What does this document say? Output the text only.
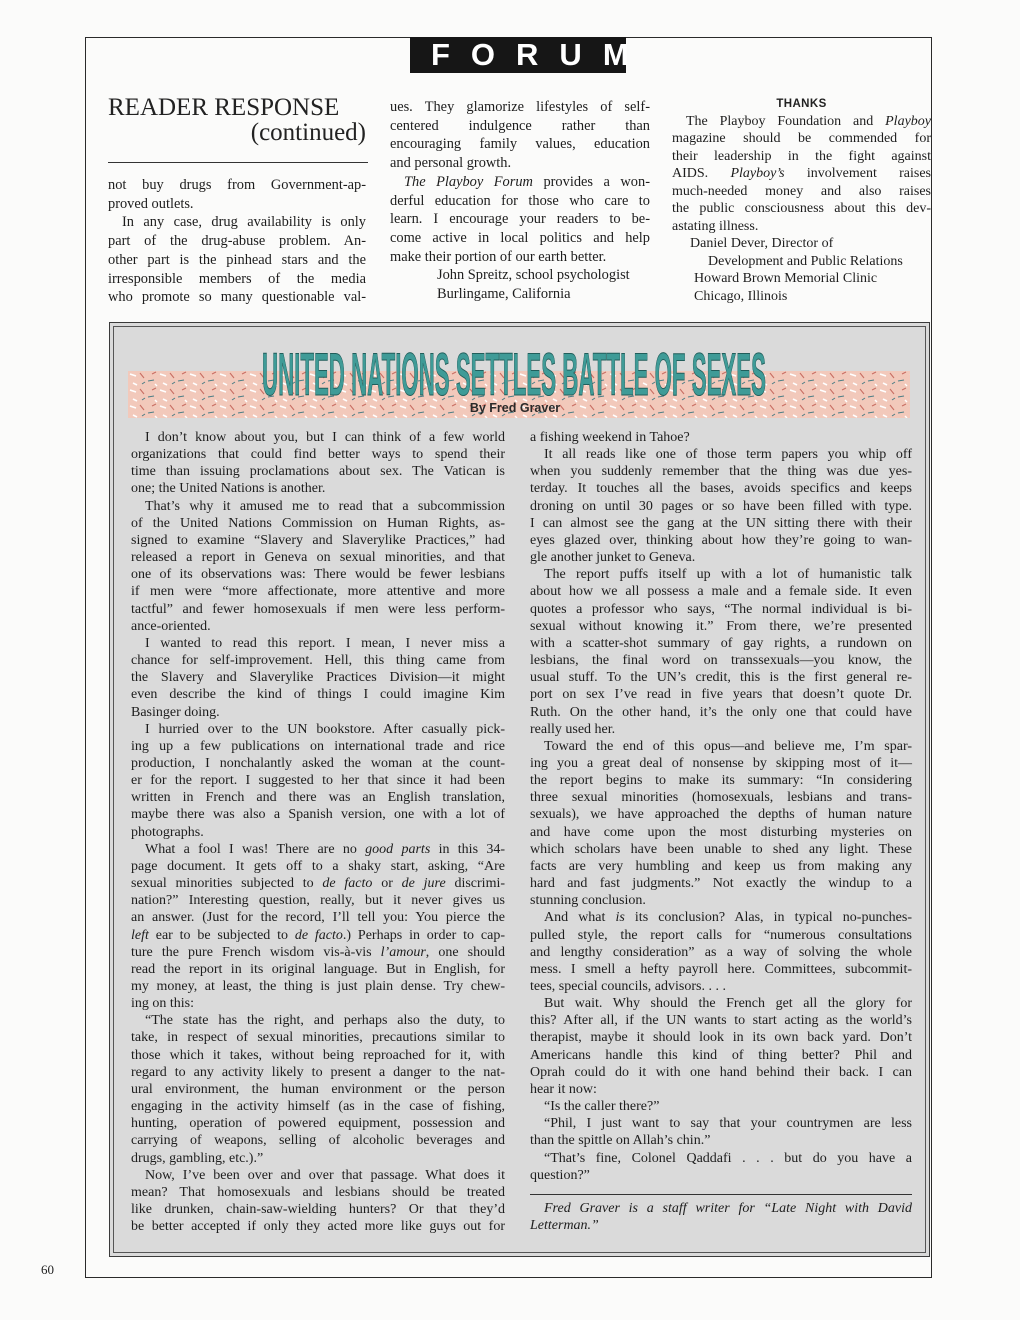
FORUM
READER RESPONSE
(continued)
not buy drugs from Government-ap-
proved outlets.
In any case, drug availability is only
part of the drug-abuse problem. An-
other part is the pinhead stars and the
irresponsible members of the media
who promote so many questionable val-
ues. They glamorize lifestyles of self-
centered indulgence rather than
encouraging family values, education
and personal growth.
The Playboy Forum provides a won-
derful education for those who care to
learn. I encourage your readers to be-
come active in local politics and help
make their portion of our earth better.
John Spreitz, school psychologist
Burlingame, California
THANKS
The Playboy Foundation and Playboy
magazine should be commended for
their leadership in the fight against
AIDS. Playboy’s involvement raises
much-needed money and also raises
the public consciousness about this dev-
astating illness.
Daniel Dever, Director of
Development and Public Relations
Howard Brown Memorial Clinic
Chicago, Illinois
UNITED NATIONS SETTLES BATTLE OF SEXES
By Fred Graver
I don’t know about you, but I can think of a few world
organizations that could find better ways to spend their
time than issuing proclamations about sex. The Vatican is
one; the United Nations is another.
That’s why it amused me to read that a subcommission
of the United Nations Commission on Human Rights, as-
signed to examine “Slavery and Slaverylike Practices,” had
released a report in Geneva on sexual minorities, and that
one of its observations was: There would be fewer lesbians
if men were “more affectionate, more attentive and more
tactful” and fewer homosexuals if men were less perform-
ance-oriented.
I wanted to read this report. I mean, I never miss a
chance for self-improvement. Hell, this thing came from
the Slavery and Slaverylike Practices Division—it might
even describe the kind of things I could imagine Kim
Basinger doing.
I hurried over to the UN bookstore. After casually pick-
ing up a few publications on international trade and rice
production, I nonchalantly asked the woman at the count-
er for the report. I suggested to her that since it had been
written in French and there was an English translation,
maybe there was also a Spanish version, one with a lot of
photographs.
What a fool I was! There are no good parts in this 34-
page document. It gets off to a shaky start, asking, “Are
sexual minorities subjected to de facto or de jure discrimi-
nation?” Interesting question, really, but it never gives us
an answer. (Just for the record, I’ll tell you: You pierce the
left ear to be subjected to de facto.) Perhaps in order to cap-
ture the pure French wisdom vis-à-vis l’amour, one should
read the report in its original language. But in English, for
my money, at least, the thing is just plain dense. Try chew-
ing on this:
“The state has the right, and perhaps also the duty, to
take, in respect of sexual minorities, precautions similar to
those which it takes, without being reproached for it, with
regard to any activity likely to present a danger to the nat-
ural environment, the human environment or the person
engaging in the activity himself (as in the case of fishing,
hunting, operation of powered equipment, possession and
carrying of weapons, selling of alcoholic beverages and
drugs, gambling, etc.).”
Now, I’ve been over and over that passage. What does it
mean? That homosexuals and lesbians should be treated
like drunken, chain-saw-wielding hunters? Or that they’d
be better accepted if only they acted more like guys out for
a fishing weekend in Tahoe?
It all reads like one of those term papers you whip off
when you suddenly remember that the thing was due yes-
terday. It touches all the bases, avoids specifics and keeps
droning on until 30 pages or so have been filled with type.
I can almost see the gang at the UN sitting there with their
eyes glazed over, thinking about how they’re going to wan-
gle another junket to Geneva.
The report puffs itself up with a lot of humanistic talk
about how we all possess a male and a female side. It even
quotes a professor who says, “The normal individual is bi-
sexual without knowing it.” From there, we’re presented
with a scatter-shot summary of gay rights, a rundown on
lesbians, the final word on transsexuals—you know, the
usual stuff. To the UN’s credit, this is the first general re-
port on sex I’ve read in five years that doesn’t quote Dr.
Ruth. On the other hand, it’s the only one that could have
really used her.
Toward the end of this opus—and believe me, I’m spar-
ing you a great deal of nonsense by skipping most of it—
the report begins to make its summary: “In considering
three sexual minorities (homosexuals, lesbians and trans-
sexuals), we have approached the depths of human nature
and have come upon the most disturbing mysteries on
which scholars have been unable to shed any light. These
facts are very humbling and keep us from making any
hard and fast judgments.” Not exactly the windup to a
stunning conclusion.
And what is its conclusion? Alas, in typical no-punches-
pulled style, the report calls for “numerous consultations
and lengthy consideration” as a way of solving the whole
mess. I smell a hefty payroll here. Committees, subcommit-
tees, special councils, advisors. . . .
But wait. Why should the French get all the glory for
this? After all, if the UN wants to start acting as the world’s
therapist, maybe it should look in its own back yard. Don’t
Americans handle this kind of thing better? Phil and
Oprah could do it with one hand behind their back. I can
hear it now:
“Is the caller there?”
“Phil, I just want to say that your countrymen are less
than the spittle on Allah’s chin.”
“That’s fine, Colonel Qaddafi . . . but do you have a
question?”
Fred Graver is a staff writer for “Late Night with David
Letterman.”
60
